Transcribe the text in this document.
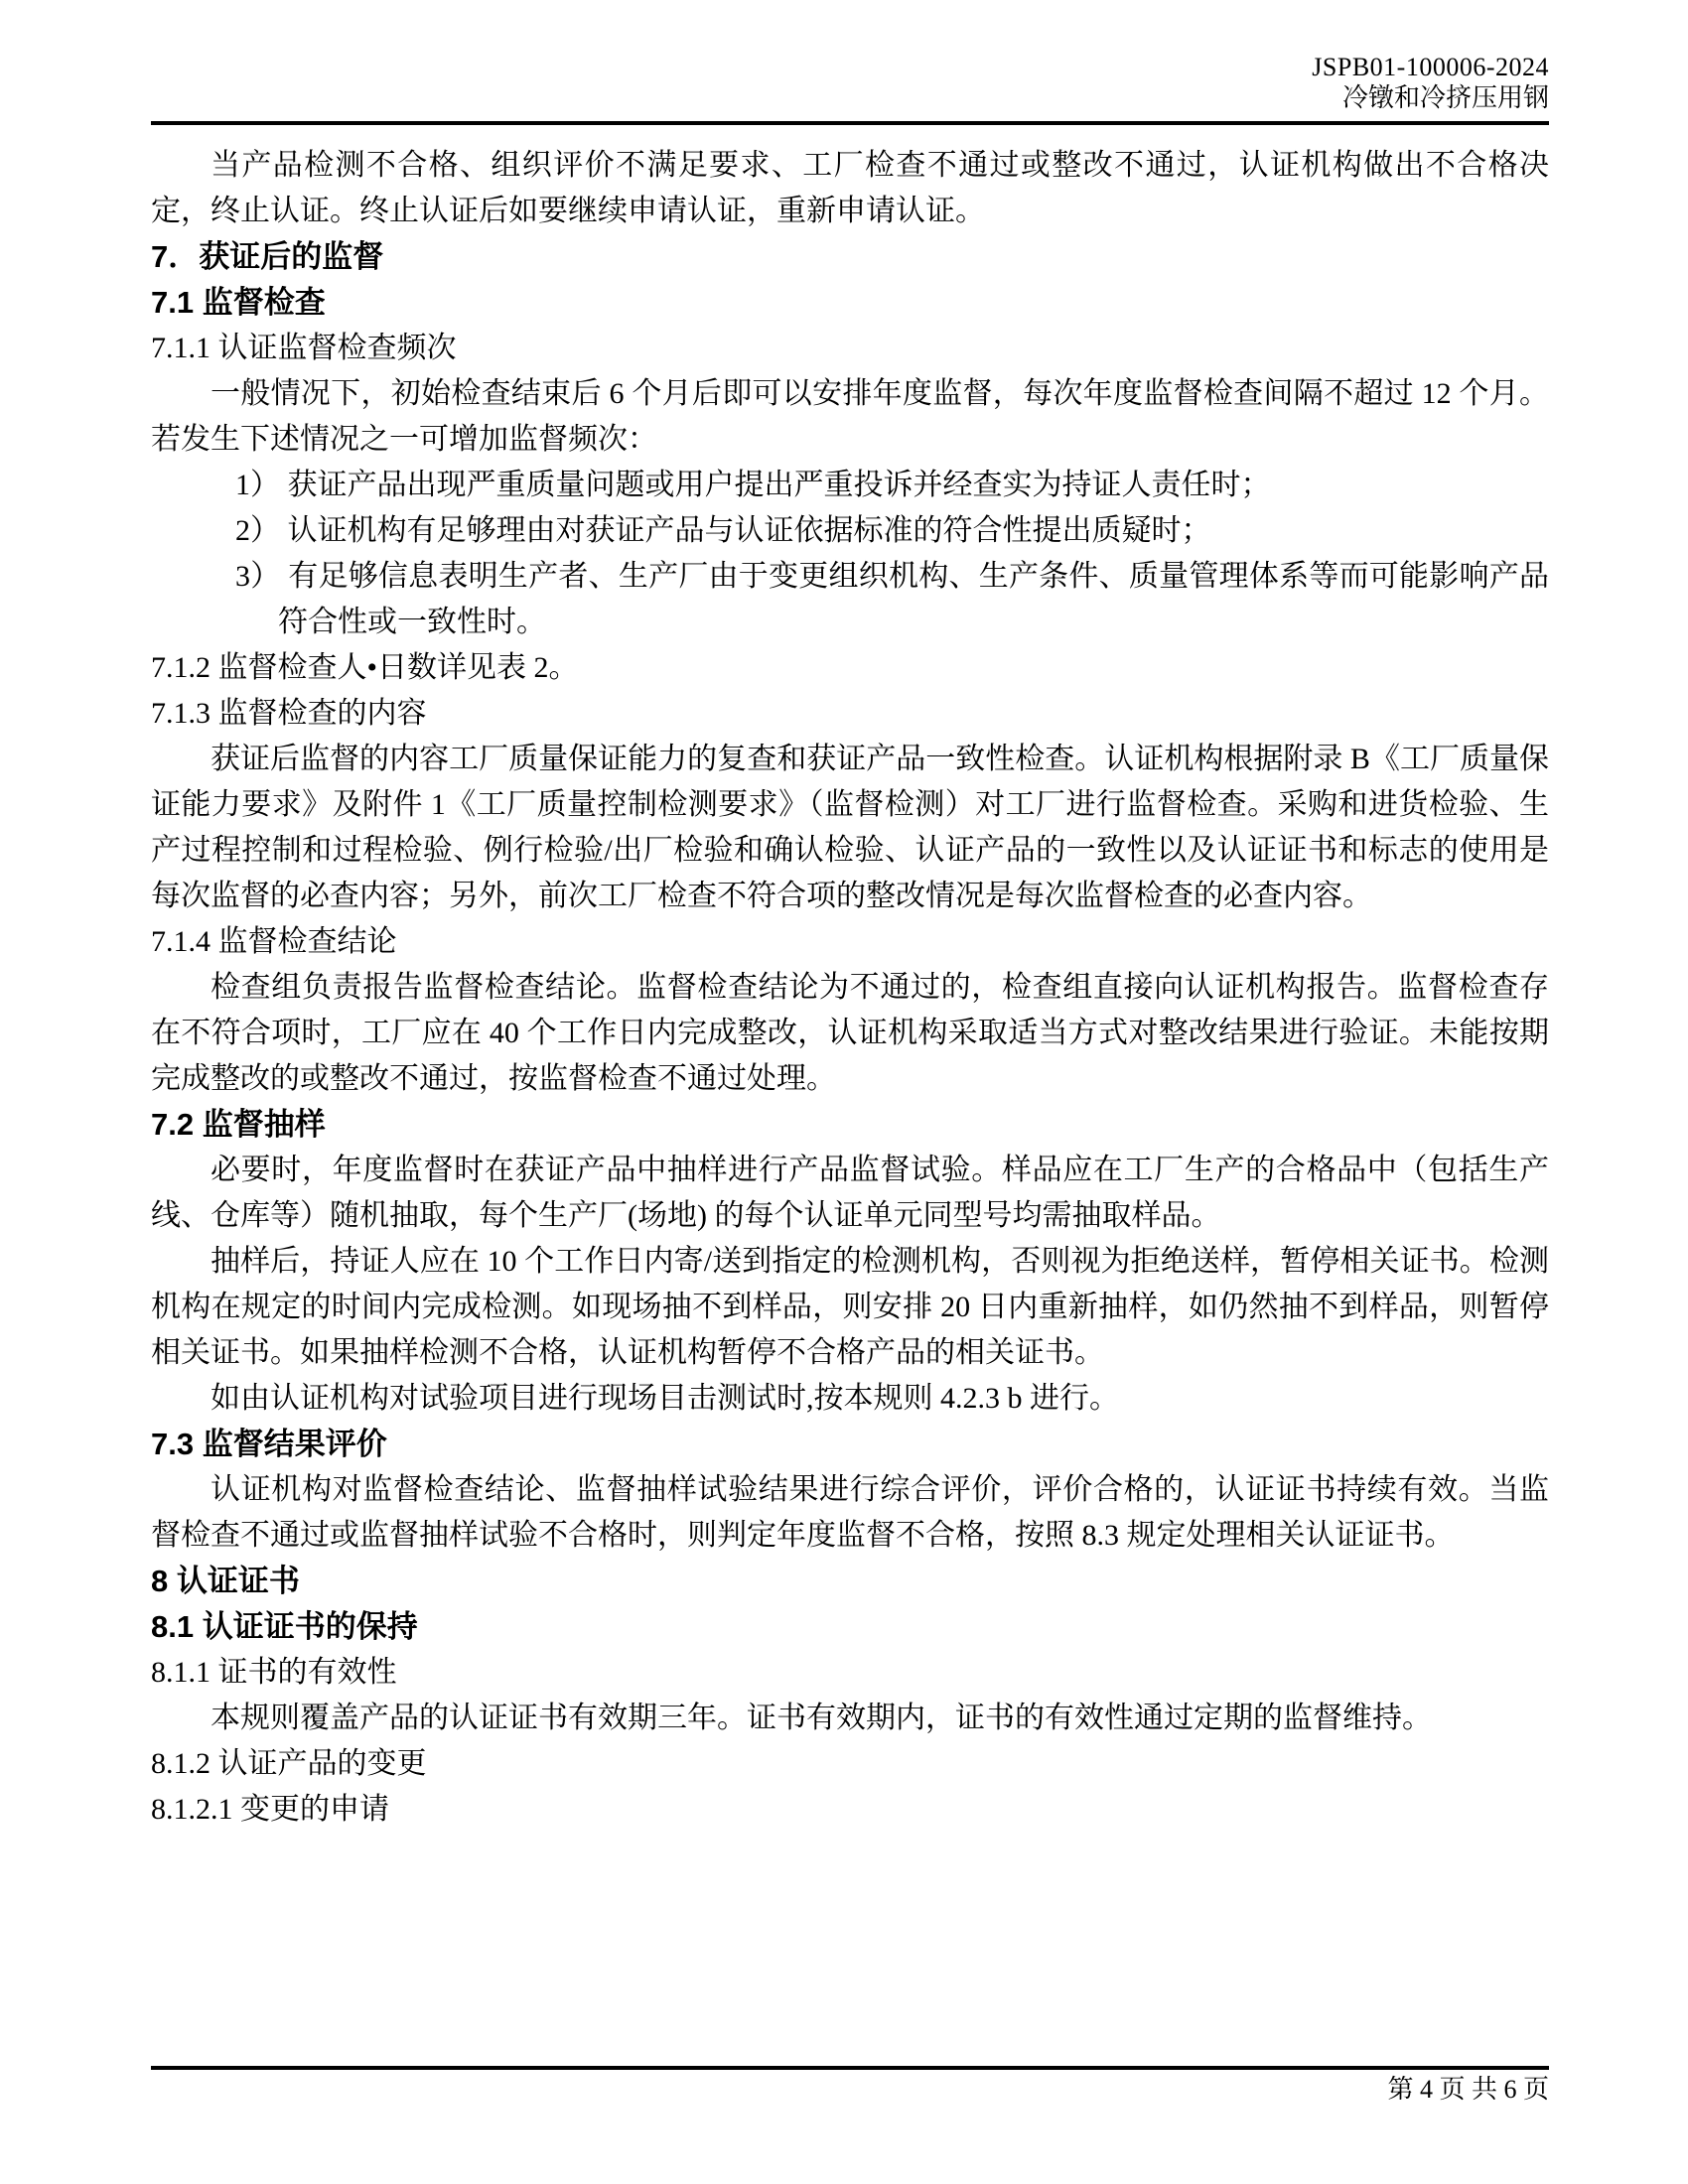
JSPB01-100006-2024
冷镦和冷挤压用钢

当产品检测不合格、组织评价不满足要求、工厂检查不通过或整改不通过，认证机构做出不合格决定，终止认证。终止认证后如要继续申请认证，重新申请认证。

7．获证后的监督

7.1 监督检查

7.1.1 认证监督检查频次

一般情况下，初始检查结束后 6 个月后即可以安排年度监督，每次年度监督检查间隔不超过 12 个月。若发生下述情况之一可增加监督频次：

1） 获证产品出现严重质量问题或用户提出严重投诉并经查实为持证人责任时；

2） 认证机构有足够理由对获证产品与认证依据标准的符合性提出质疑时；

3） 有足够信息表明生产者、生产厂由于变更组织机构、生产条件、质量管理体系等而可能影响产品符合性或一致性时。

7.1.2 监督检查人•日数详见表 2。

7.1.3 监督检查的内容

获证后监督的内容工厂质量保证能力的复查和获证产品一致性检查。认证机构根据附录 B《工厂质量保证能力要求》及附件 1《工厂质量控制检测要求》（监督检测）对工厂进行监督检查。采购和进货检验、生产过程控制和过程检验、例行检验/出厂检验和确认检验、认证产品的一致性以及认证证书和标志的使用是每次监督的必查内容；另外，前次工厂检查不符合项的整改情况是每次监督检查的必查内容。

7.1.4 监督检查结论

检查组负责报告监督检查结论。监督检查结论为不通过的，检查组直接向认证机构报告。监督检查存在不符合项时，工厂应在 40 个工作日内完成整改，认证机构采取适当方式对整改结果进行验证。未能按期完成整改的或整改不通过，按监督检查不通过处理。

7.2 监督抽样

必要时，年度监督时在获证产品中抽样进行产品监督试验。样品应在工厂生产的合格品中（包括生产线、仓库等）随机抽取，每个生产厂(场地) 的每个认证单元同型号均需抽取样品。

抽样后，持证人应在 10 个工作日内寄/送到指定的检测机构，否则视为拒绝送样，暂停相关证书。检测机构在规定的时间内完成检测。如现场抽不到样品，则安排 20 日内重新抽样，如仍然抽不到样品，则暂停相关证书。如果抽样检测不合格，认证机构暂停不合格产品的相关证书。

如由认证机构对试验项目进行现场目击测试时,按本规则 4.2.3 b 进行。

7.3 监督结果评价

认证机构对监督检查结论、监督抽样试验结果进行综合评价，评价合格的，认证证书持续有效。当监督检查不通过或监督抽样试验不合格时，则判定年度监督不合格，按照 8.3 规定处理相关认证证书。

8 认证证书

8.1 认证证书的保持

8.1.1 证书的有效性

本规则覆盖产品的认证证书有效期三年。证书有效期内，证书的有效性通过定期的监督维持。

8.1.2 认证产品的变更

8.1.2.1 变更的申请

第 4 页 共 6 页
